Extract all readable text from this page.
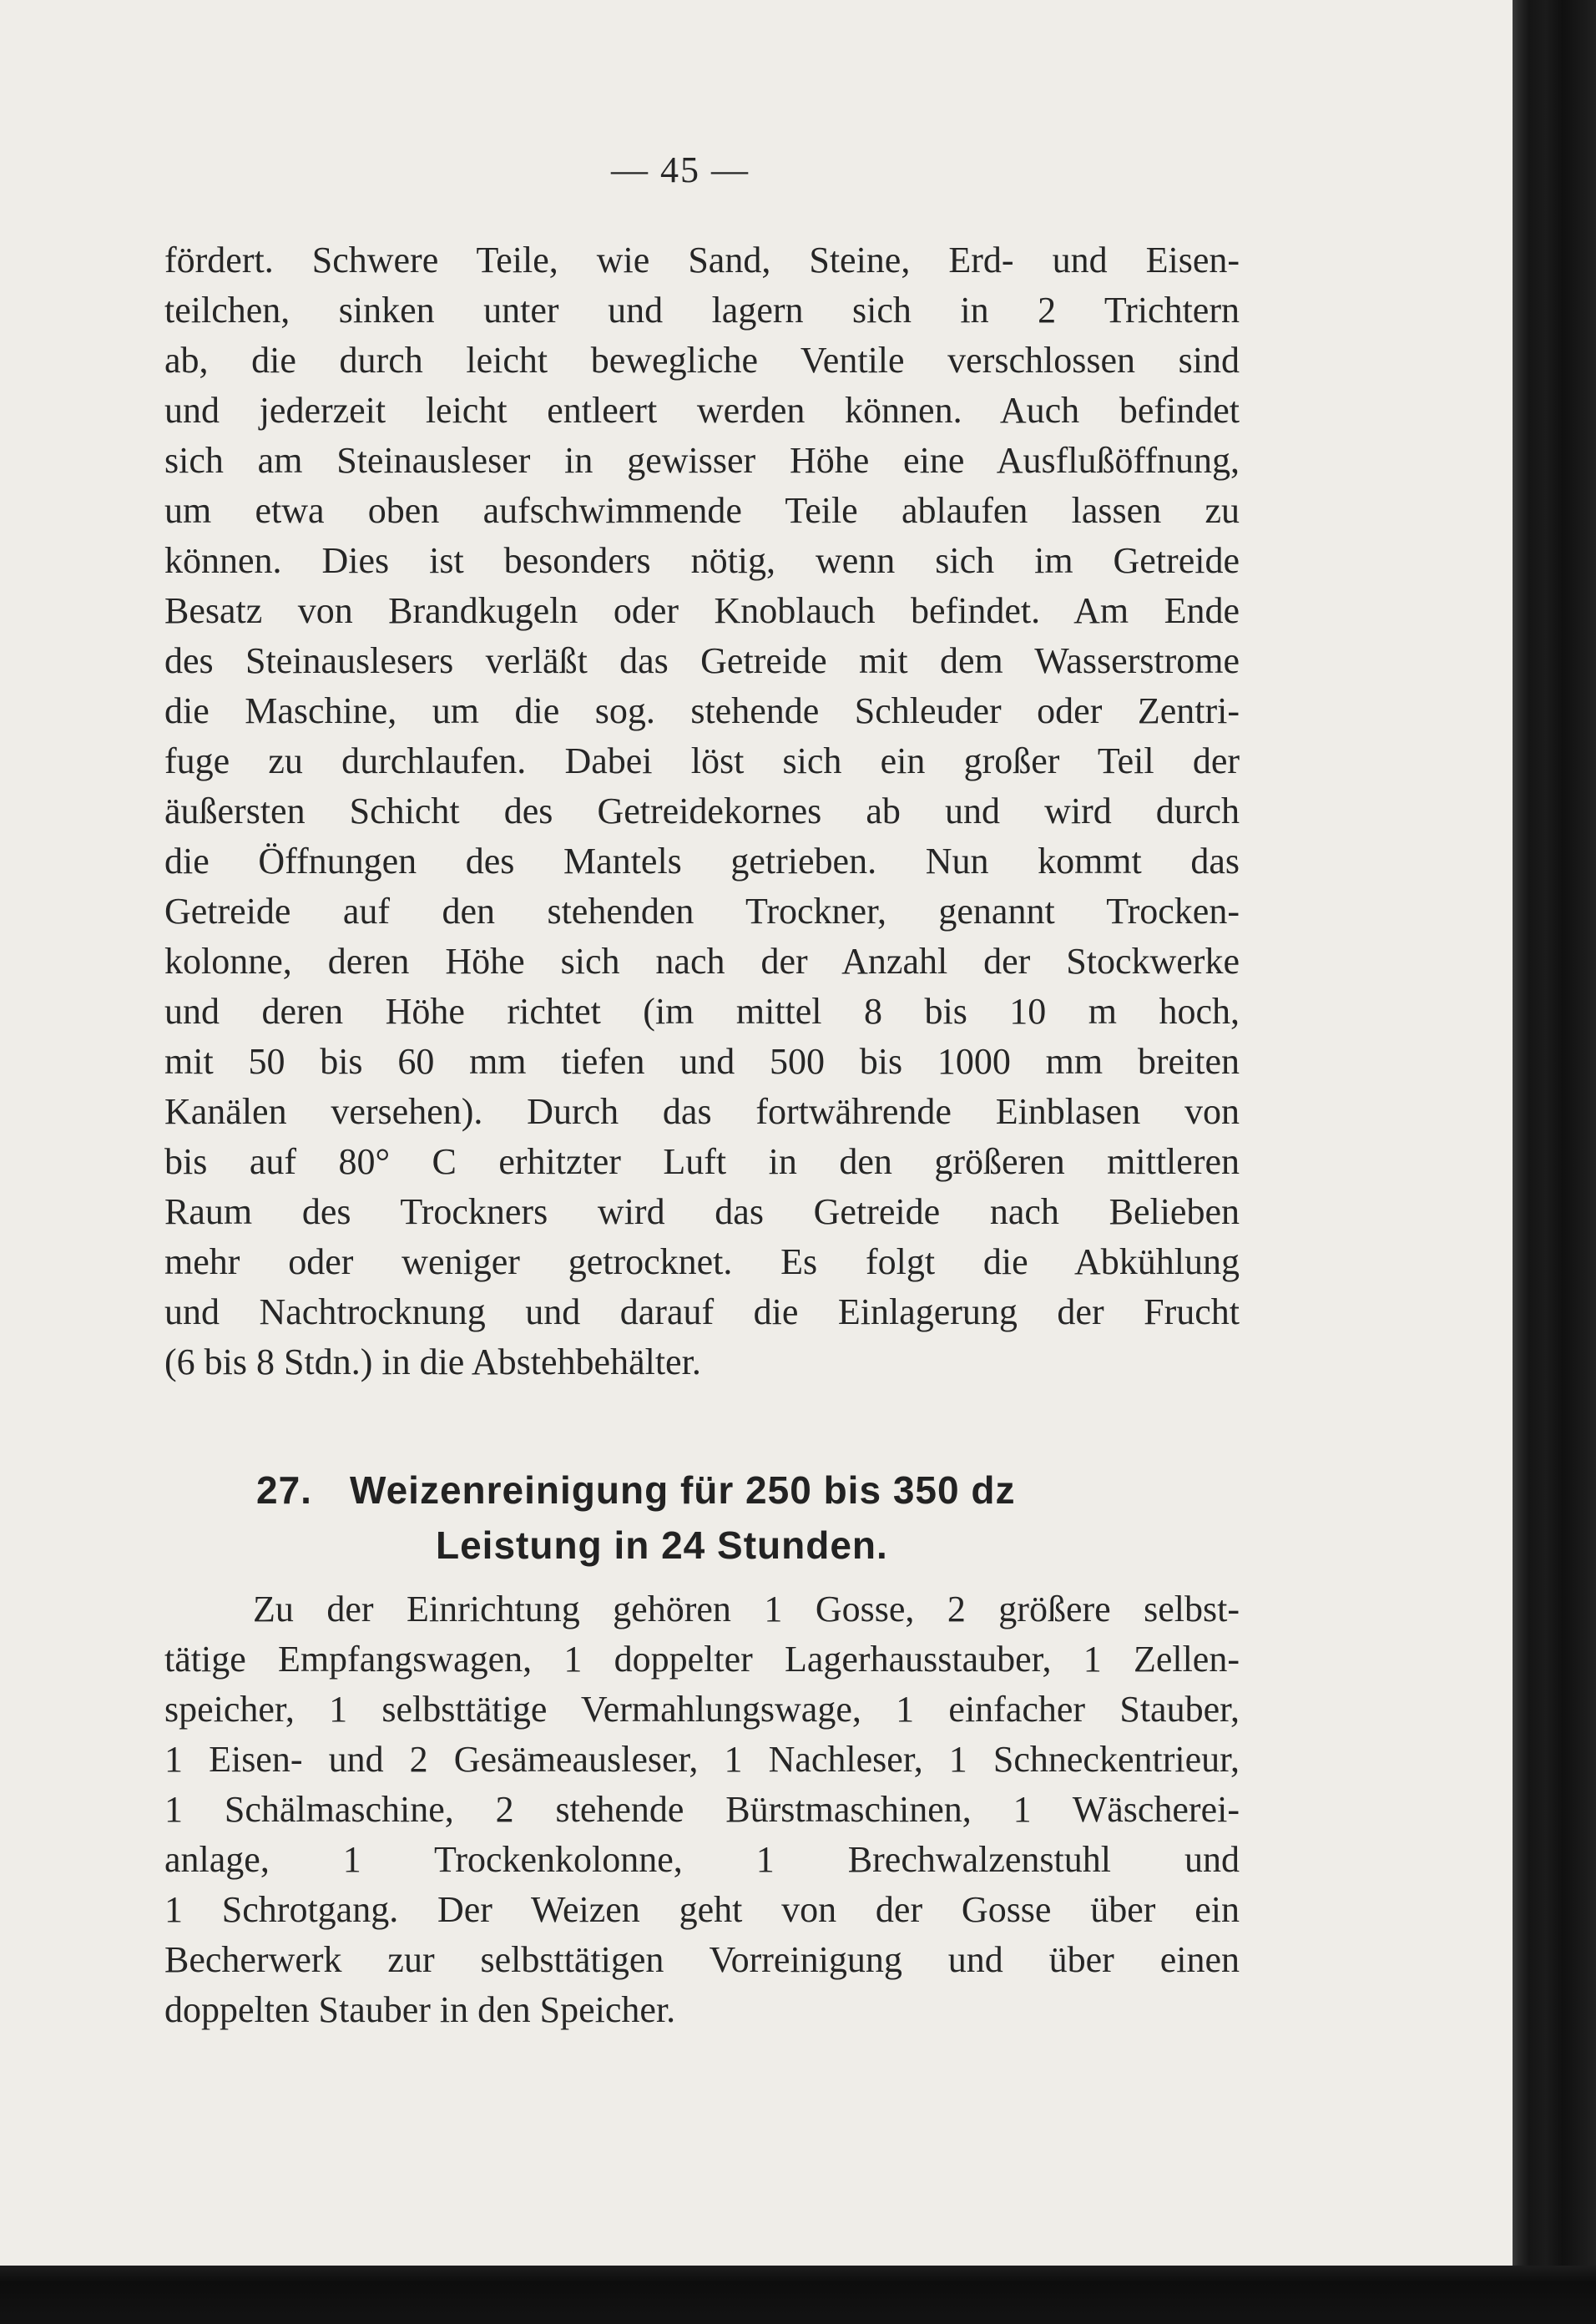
— 45 —
fördert. Schwere Teile, wie Sand, Steine, Erd- und Eisen-
teilchen, sinken unter und lagern sich in 2 Trichtern
ab, die durch leicht bewegliche Ventile verschlossen sind
und jederzeit leicht entleert werden können. Auch befindet
sich am Steinausleser in gewisser Höhe eine Ausflußöffnung,
um etwa oben aufschwimmende Teile ablaufen lassen zu
können. Dies ist besonders nötig, wenn sich im Getreide
Besatz von Brandkugeln oder Knoblauch befindet. Am Ende
des Steinauslesers verläßt das Getreide mit dem Wasserstrome
die Maschine, um die sog. stehende Schleuder oder Zentri-
fuge zu durchlaufen. Dabei löst sich ein großer Teil der
äußersten Schicht des Getreidekornes ab und wird durch
die Öffnungen des Mantels getrieben. Nun kommt das
Getreide auf den stehenden Trockner, genannt Trocken-
kolonne, deren Höhe sich nach der Anzahl der Stockwerke
und deren Höhe richtet (im mittel 8 bis 10 m hoch,
mit 50 bis 60 mm tiefen und 500 bis 1000 mm breiten
Kanälen versehen). Durch das fortwährende Einblasen von
bis auf 80° C erhitzter Luft in den größeren mittleren
Raum des Trockners wird das Getreide nach Belieben
mehr oder weniger getrocknet. Es folgt die Abkühlung
und Nachtrocknung und darauf die Einlagerung der Frucht
(6 bis 8 Stdn.) in die Abstehbehälter.
27. Weizenreinigung für 250 bis 350 dz
Leistung in 24 Stunden.
Zu der Einrichtung gehören 1 Gosse, 2 größere selbst-
tätige Empfangswagen, 1 doppelter Lagerhausstauber, 1 Zellen-
speicher, 1 selbsttätige Vermahlungswage, 1 einfacher Stauber,
1 Eisen- und 2 Gesämeausleser, 1 Nachleser, 1 Schneckentrieur,
1 Schälmaschine, 2 stehende Bürstmaschinen, 1 Wäscherei-
anlage, 1 Trockenkolonne, 1 Brechwalzenstuhl und
1 Schrotgang. Der Weizen geht von der Gosse über ein
Becherwerk zur selbsttätigen Vorreinigung und über einen
doppelten Stauber in den Speicher.
